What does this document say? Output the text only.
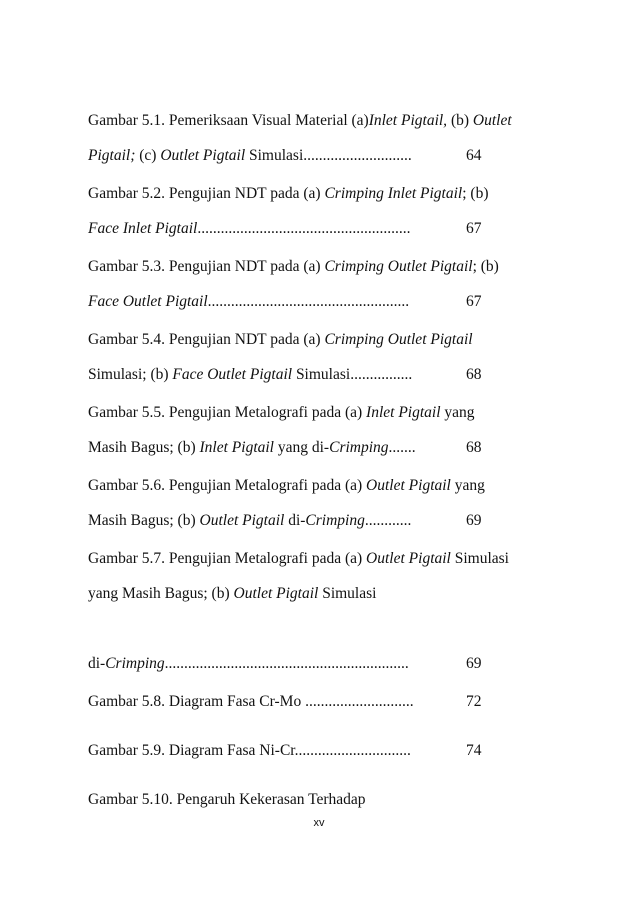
Gambar 5.1. Pemeriksaan Visual Material (a)Inlet Pigtail, (b) Outlet
Pigtail; (c) Outlet Pigtail Simulasi............................	64
Gambar 5.2. Pengujian NDT pada (a) Crimping Inlet Pigtail; (b)
Face Inlet Pigtail.......................................................	67
Gambar 5.3. Pengujian NDT pada (a) Crimping Outlet Pigtail; (b)
Face Outlet Pigtail....................................................	67
Gambar 5.4. Pengujian NDT pada (a) Crimping Outlet Pigtail
Simulasi; (b) Face Outlet Pigtail Simulasi................	68
Gambar 5.5. Pengujian Metalografi pada (a) Inlet Pigtail yang
Masih Bagus; (b) Inlet Pigtail yang di-Crimping.......	68
Gambar 5.6. Pengujian Metalografi pada (a) Outlet Pigtail yang
Masih Bagus; (b) Outlet Pigtail di-Crimping............	69
Gambar 5.7. Pengujian Metalografi pada (a) Outlet Pigtail Simulasi
yang Masih Bagus; (b) Outlet Pigtail Simulasi
di-Crimping...............................................................	69
Gambar 5.8. Diagram Fasa Cr-Mo ............................	72
Gambar 5.9. Diagram Fasa Ni-Cr..............................	74
Gambar 5.10. Pengaruh Kekerasan Terhadap
xv
